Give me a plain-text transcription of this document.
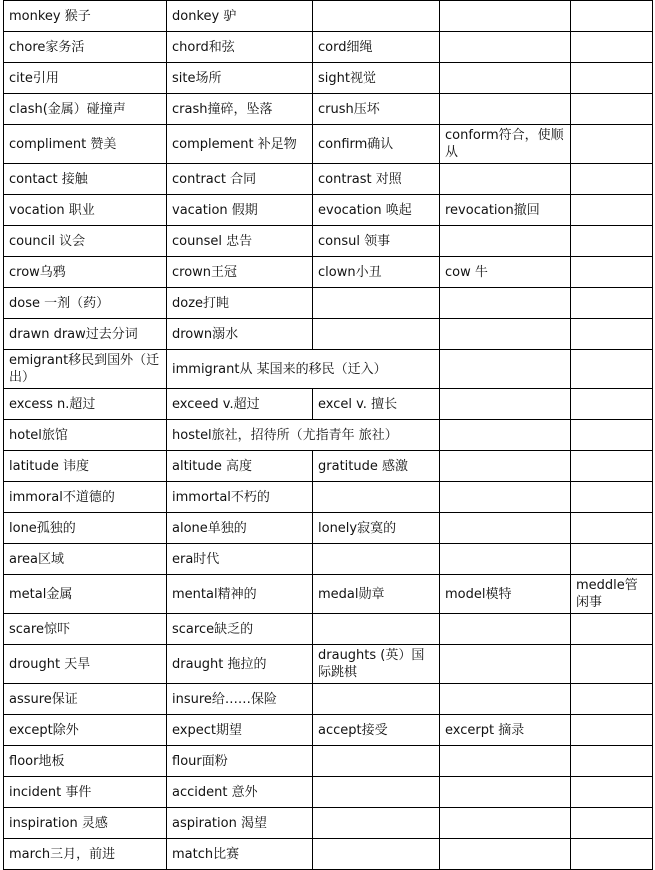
monkey 猴子	donkey 驴			
chore家务活	chord和弦	cord细绳		
cite引用	site场所	sight视觉		
clash(金属）碰撞声	crash撞碎，坠落	crush压坏		
compliment 赞美	complement 补足物	confirm确认	conform符合，使顺从	
contact 接触	contract 合同	contrast 对照		
vocation 职业	vacation 假期	evocation 唤起	revocation撤回	
council 议会	counsel 忠告	consul 领事		
crow乌鸦	crown王冠	clown小丑	cow 牛	
dose 一剂（药）	doze打盹			
drawn draw过去分词	drown溺水			
emigrant移民到国外（迁出）	immigrant从 某国来的移民（迁入）			
excess n.超过	exceed v.超过	excel v. 擅长		
hotel旅馆	hostel旅社，招待所（尤指青年 旅社）			
latitude 讳度	altitude 高度	gratitude 感激		
immoral不道德的	immortal不朽的			
lone孤独的	alone单独的	lonely寂寞的		
area区域	era时代			
metal金属	mental精神的	medal勋章	model模特	meddle管闲事
scare惊吓	scarce缺乏的			
drought 天旱	draught 拖拉的	draughts (英）国际跳棋		
assure保证	insure给……保险			
except除外	expect期望	accept接受	excerpt 摘录	
floor地板	flour面粉			
incident 事件	accident 意外			
inspiration 灵感	aspiration 渴望			
march三月，前进	match比赛			
